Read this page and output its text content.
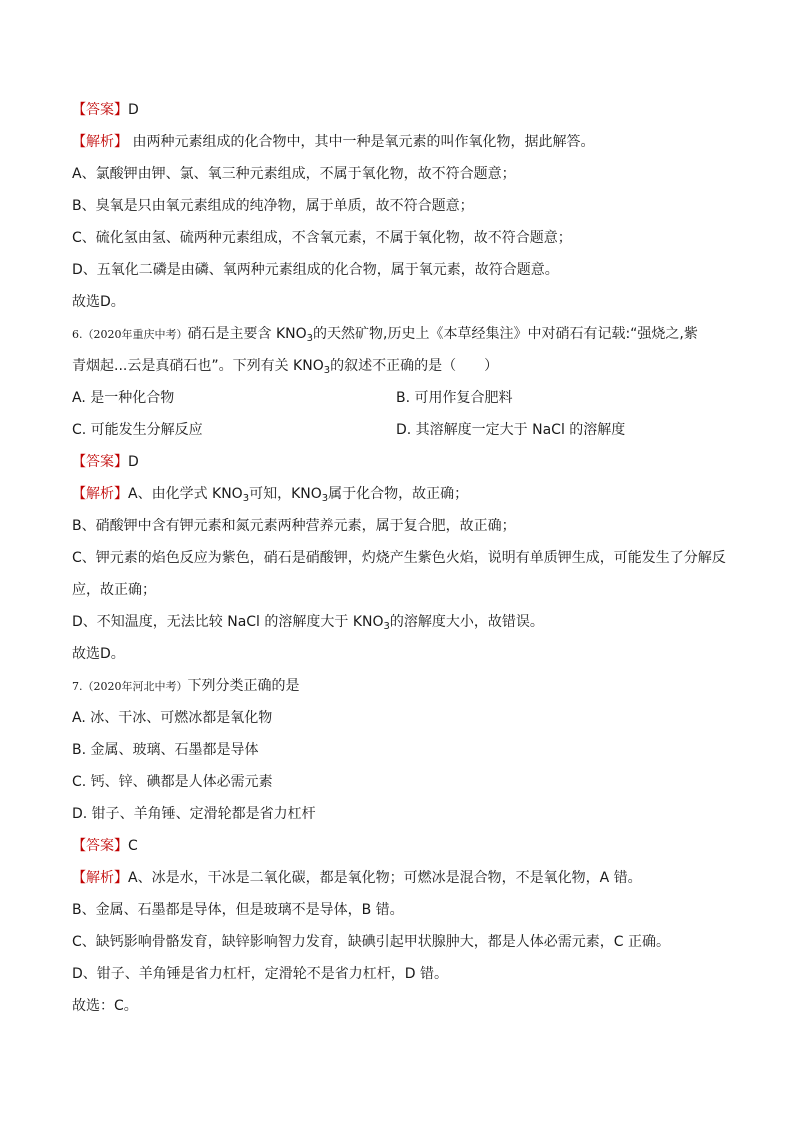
【答案】D
【解析】 由两种元素组成的化合物中，其中一种是氧元素的叫作氧化物，据此解答。
A、氯酸钾由钾、氯、氧三种元素组成，不属于氧化物，故不符合题意；
B、臭氧是只由氧元素组成的纯净物，属于单质，故不符合题意；
C、硫化氢由氢、硫两种元素组成，不含氧元素，不属于氧化物，故不符合题意；
D、五氧化二磷是由磷、氧两种元素组成的化合物，属于氧元素，故符合题意。
故选D。
6.（2020年重庆中考）硝石是主要含 $KNO_3$的天然矿物,历史上《本草经集注》中对硝石有记载:“强烧之,紫
青烟起...云是真硝石也”。下列有关 $KNO_3$的叙述不正确的是（　　）
A. 是一种化合物	B. 可用作复合肥料
C. 可能发生分解反应	D. 其溶解度一定大于 NaCl 的溶解度
【答案】D
【解析】A、由化学式 $KNO_3$可知，$KNO_3$属于化合物，故正确；
B、硝酸钾中含有钾元素和氮元素两种营养元素，属于复合肥，故正确；
C、钾元素的焰色反应为紫色，硝石是硝酸钾，灼烧产生紫色火焰，说明有单质钾生成，可能发生了分解反
应，故正确；
D、不知温度，无法比较 NaCl 的溶解度大于 $KNO_3$的溶解度大小，故错误。
故选D。
7.（2020年河北中考）下列分类正确的是
A. 冰、干冰、可燃冰都是氧化物
B. 金属、玻璃、石墨都是导体
C. 钙、锌、碘都是人体必需元素
D. 钳子、羊角锤、定滑轮都是省力杠杆
【答案】C
【解析】A、冰是水，干冰是二氧化碳，都是氧化物；可燃冰是混合物，不是氧化物，A 错。
B、金属、石墨都是导体，但是玻璃不是导体，B 错。
C、缺钙影响骨骼发育，缺锌影响智力发育，缺碘引起甲状腺肿大，都是人体必需元素，C 正确。
D、钳子、羊角锤是省力杠杆，定滑轮不是省力杠杆，D 错。
故选：C。
